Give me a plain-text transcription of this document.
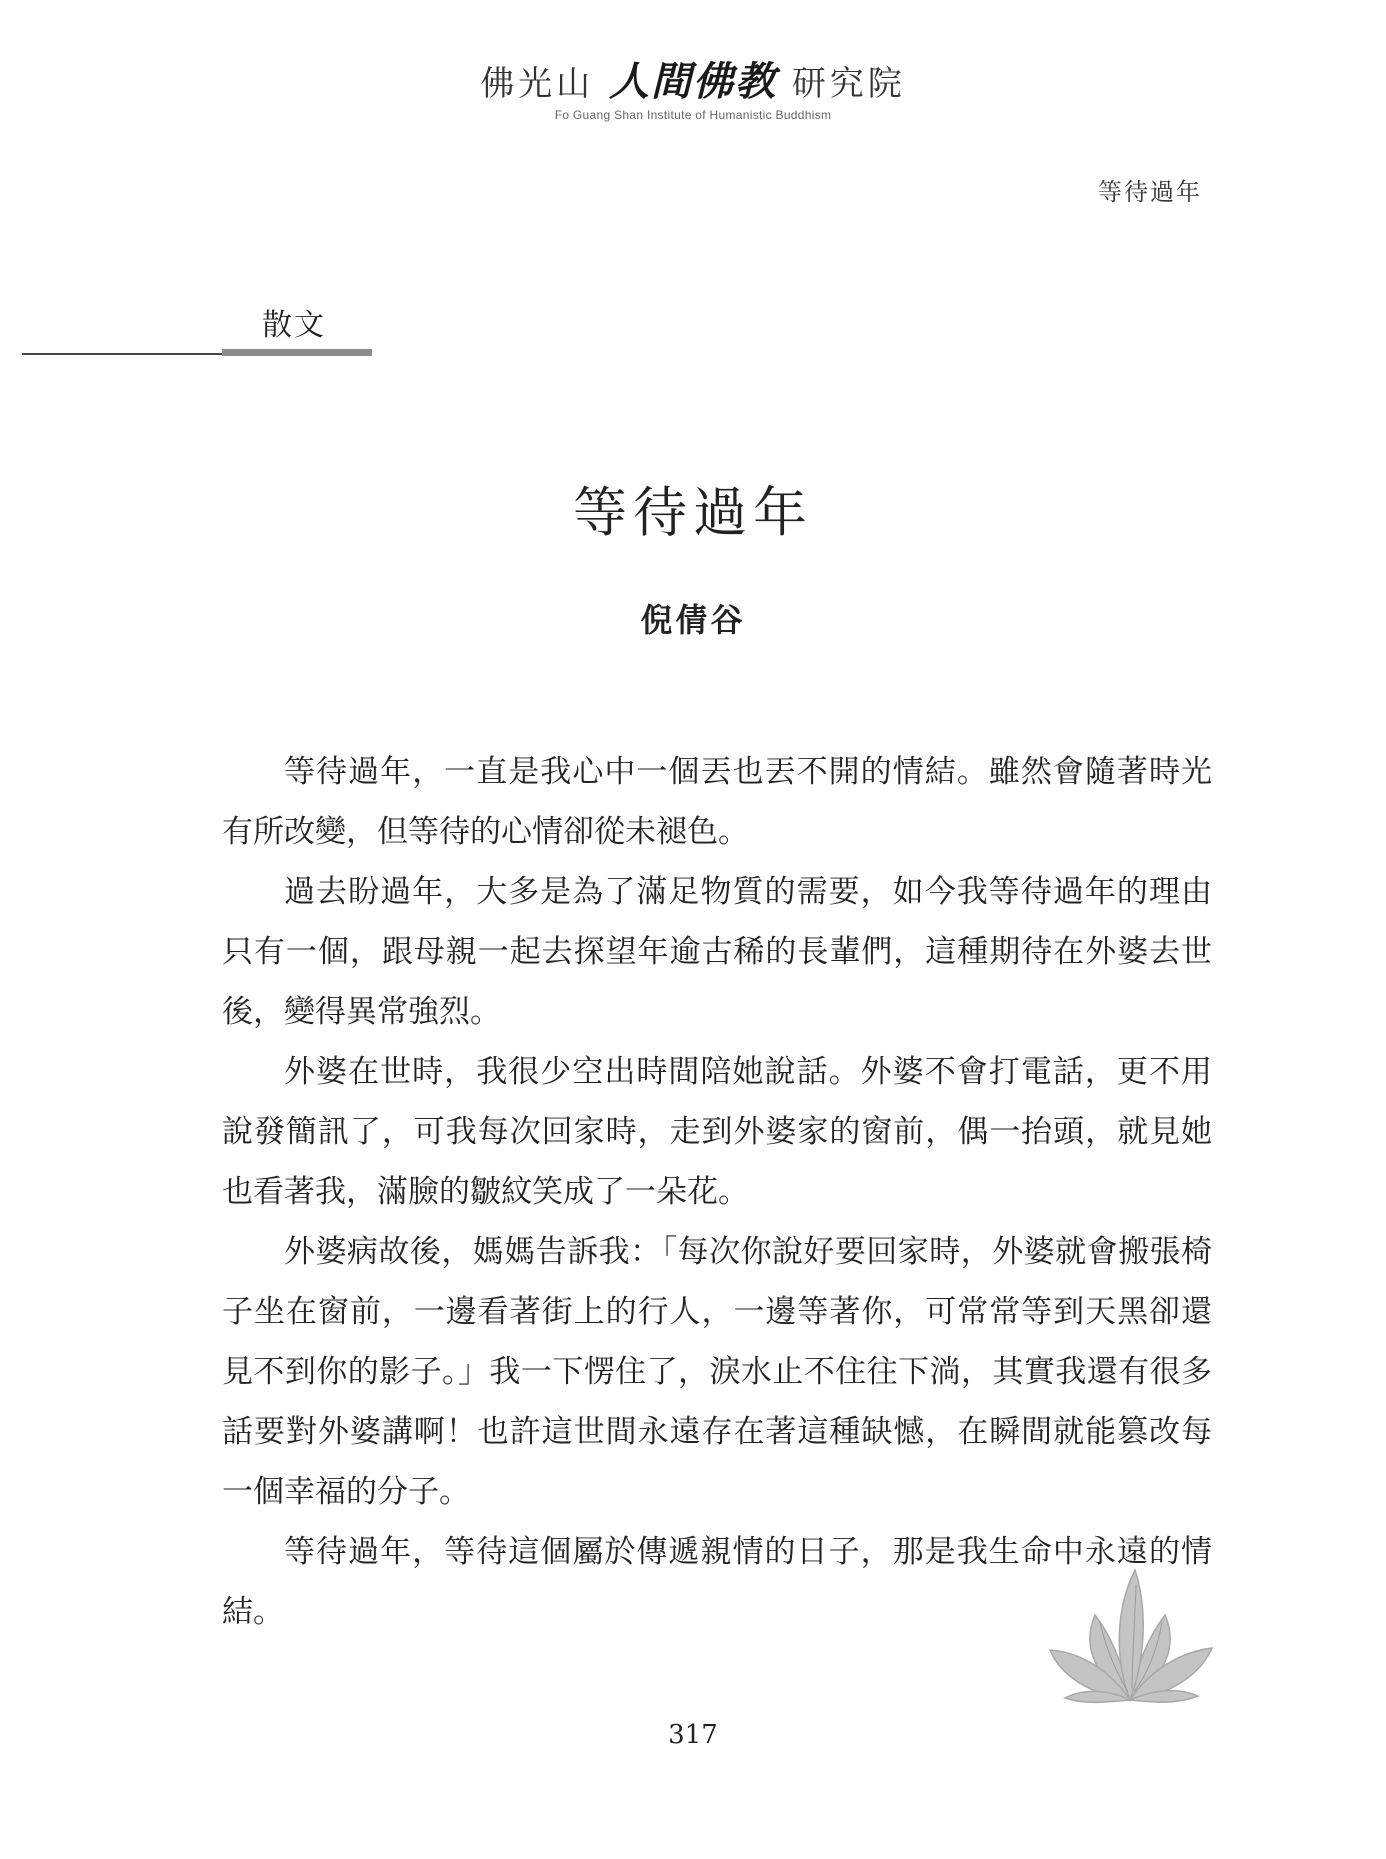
佛光山 人間佛教 研究院
Fo Guang Shan Institute of Humanistic Buddhism
等待過年
散文
等待過年
倪倩谷

等待過年，一直是我心中一個丟也丟不開的情結。雖然會隨著時光有所改變，但等待的心情卻從未褪色。

過去盼過年，大多是為了滿足物質的需要，如今我等待過年的理由只有一個，跟母親一起去探望年逾古稀的長輩們，這種期待在外婆去世後，變得異常強烈。

外婆在世時，我很少空出時間陪她說話。外婆不會打電話，更不用說發簡訊了，可我每次回家時，走到外婆家的窗前，偶一抬頭，就見她也看著我，滿臉的皺紋笑成了一朵花。

外婆病故後，媽媽告訴我：「每次你說好要回家時，外婆就會搬張椅子坐在窗前，一邊看著街上的行人，一邊等著你，可常常等到天黑卻還見不到你的影子。」我一下愣住了，淚水止不住往下淌，其實我還有很多話要對外婆講啊！也許這世間永遠存在著這種缺憾，在瞬間就能篡改每一個幸福的分子。

等待過年，等待這個屬於傳遞親情的日子，那是我生命中永遠的情結。

317
